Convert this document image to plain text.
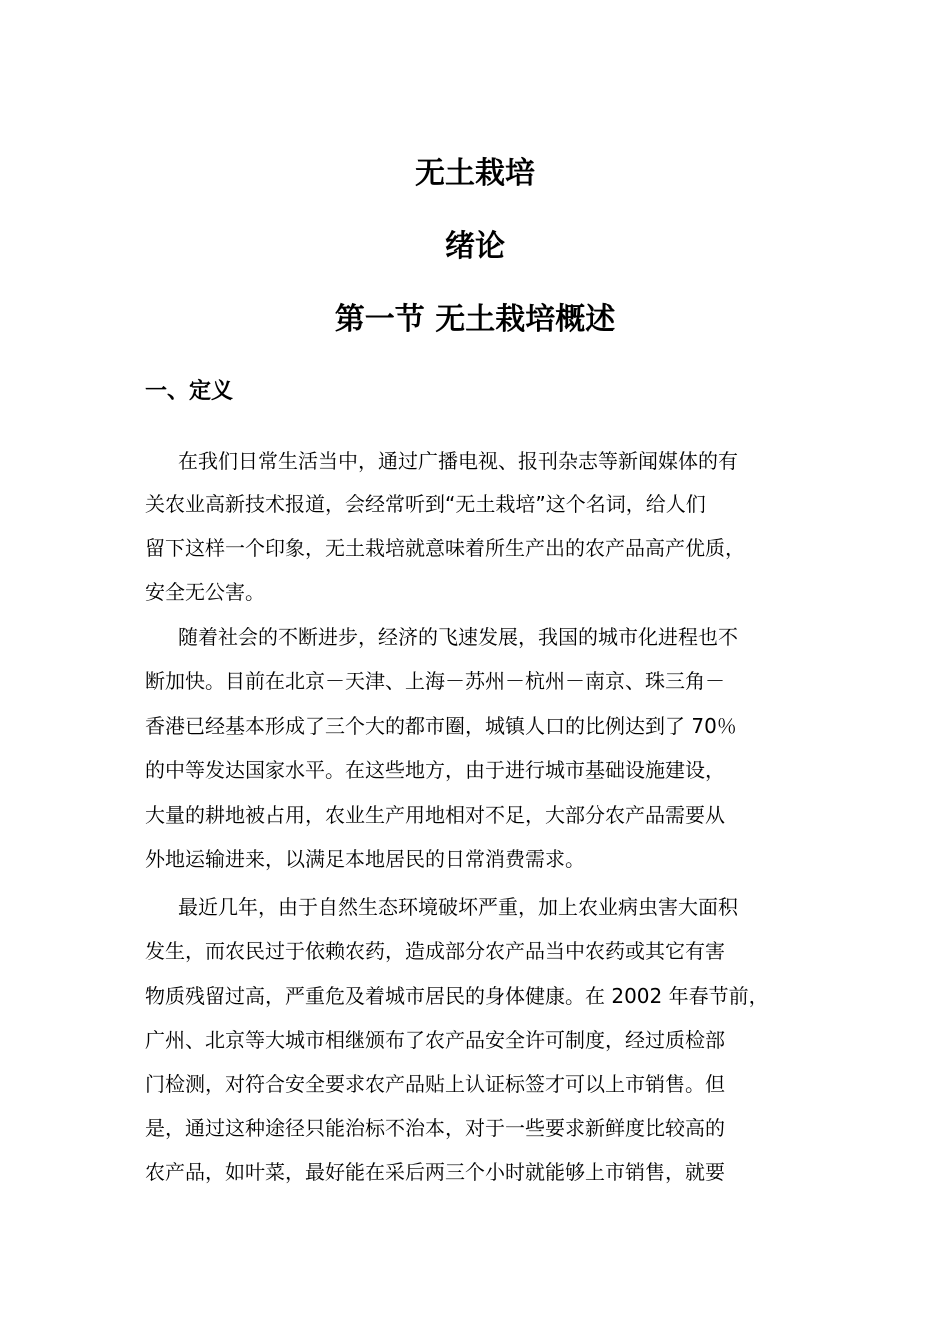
无土栽培
绪论
第一节 无土栽培概述
一、定义

在我们日常生活当中，通过广播电视、报刊杂志等新闻媒体的有

关农业高新技术报道，会经常听到“无土栽培”这个名词，给人们

留下这样一个印象，无土栽培就意味着所生产出的农产品高产优质，

安全无公害。

随着社会的不断进步，经济的飞速发展，我国的城市化进程也不

断加快。目前在北京－天津、上海－苏州－杭州－南京、珠三角－

香港已经基本形成了三个大的都市圈，城镇人口的比例达到了 70％

的中等发达国家水平。在这些地方，由于进行城市基础设施建设，

大量的耕地被占用，农业生产用地相对不足，大部分农产品需要从

外地运输进来，以满足本地居民的日常消费需求。

最近几年，由于自然生态环境破坏严重，加上农业病虫害大面积

发生，而农民过于依赖农药，造成部分农产品当中农药或其它有害

物质残留过高，严重危及着城市居民的身体健康。在 2002 年春节前，

广州、北京等大城市相继颁布了农产品安全许可制度，经过质检部

门检测，对符合安全要求农产品贴上认证标签才可以上市销售。但

是，通过这种途径只能治标不治本，对于一些要求新鲜度比较高的

农产品，如叶菜，最好能在采后两三个小时就能够上市销售，就要
